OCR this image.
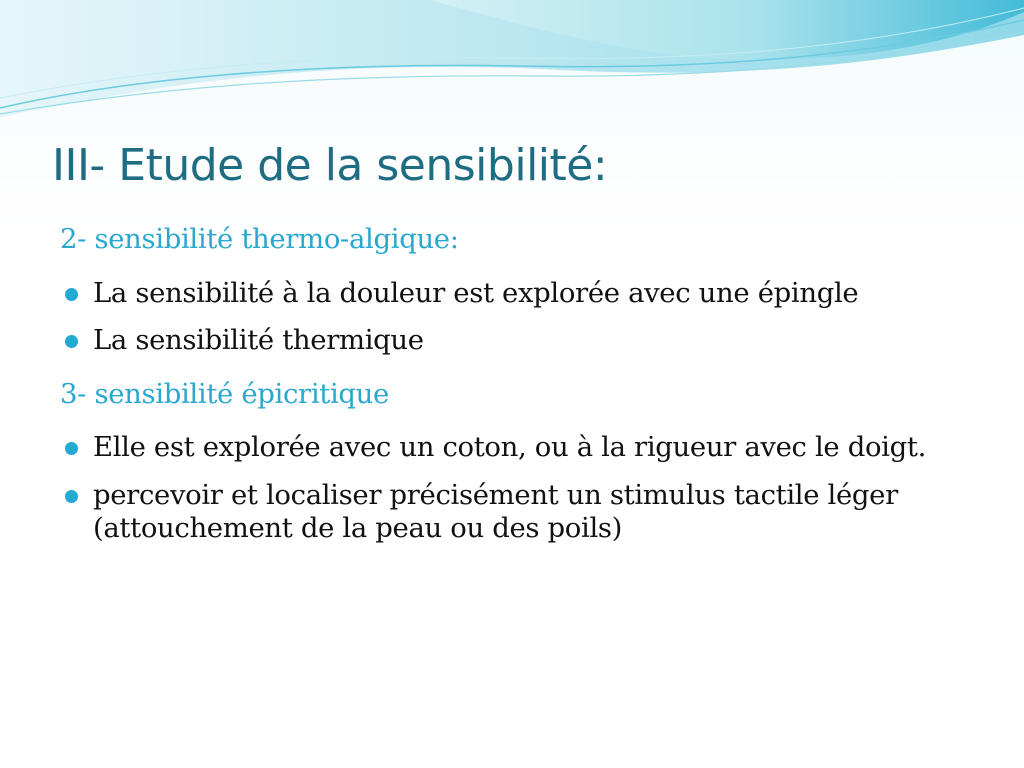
III- Etude de la sensibilité:

2- sensibilité thermo-algique:

La sensibilité à la douleur est explorée avec une épingle
La sensibilité thermique

3- sensibilité épicritique

Elle est explorée avec un coton, ou à la rigueur avec le doigt.
percevoir et localiser précisément un stimulus tactile léger (attouchement de la peau ou des poils)
